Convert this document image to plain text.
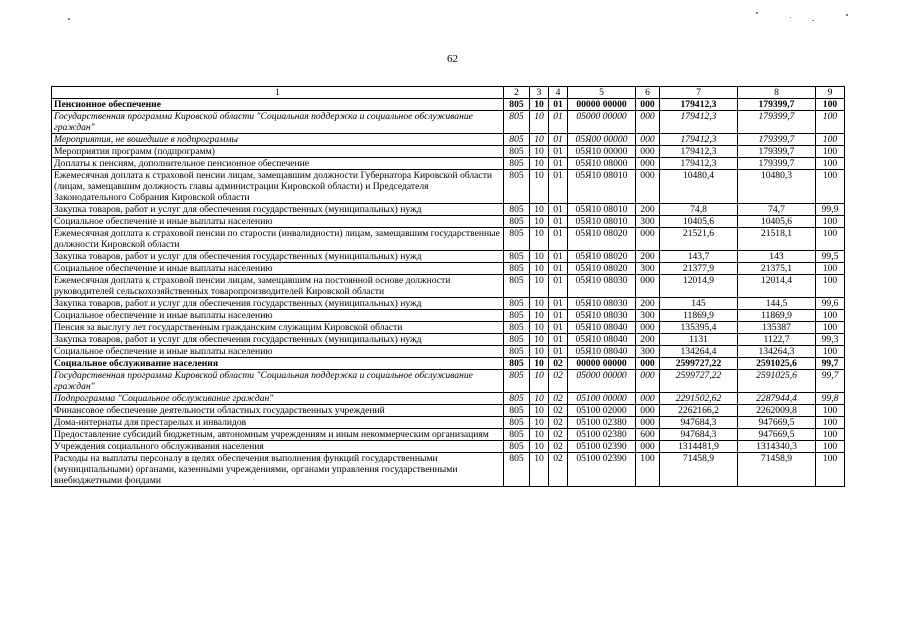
62
1	2	3	4	5	6	7	8	9
Пенсионное обеспечение	805	10	01	00000 00000	000	179412,3	179399,7	100
Государственная программа Кировской области "Социальная поддержка и социальное обслуживание граждан"	805	10	01	05000 00000	000	179412,3	179399,7	100
Мероприятия, не вошедшие в подпрограммы	805	10	01	05Я00 00000	000	179412,3	179399,7	100
Мероприятия программ (подпрограмм)	805	10	01	05Я10 00000	000	179412,3	179399,7	100
Доплаты к пенсиям, дополнительное пенсионное обеспечение	805	10	01	05Я10 08000	000	179412,3	179399,7	100
Ежемесячная доплата к страховой пенсии лицам, замещавшим должности Губернатора Кировской области (лицам, замещавшим должность главы администрации Кировской области) и Председателя Законодательного Собрания Кировской области	805	10	01	05Я10 08010	000	10480,4	10480,3	100
Закупка товаров, работ и услуг для обеспечения государственных (муниципальных) нужд	805	10	01	05Я10 08010	200	74,8	74,7	99,9
Социальное обеспечение и иные выплаты населению	805	10	01	05Я10 08010	300	10405,6	10405,6	100
Ежемесячная доплата к страховой пенсии по старости (инвалидности) лицам, замещавшим государственные должности Кировской области	805	10	01	05Я10 08020	000	21521,6	21518,1	100
Закупка товаров, работ и услуг для обеспечения государственных (муниципальных) нужд	805	10	01	05Я10 08020	200	143,7	143	99,5
Социальное обеспечение и иные выплаты населению	805	10	01	05Я10 08020	300	21377,9	21375,1	100
Ежемесячная доплата к страховой пенсии лицам, замещавшим на постоянной основе должности руководителей сельскохозяйственных товаропроизводителей Кировской области	805	10	01	05Я10 08030	000	12014,9	12014,4	100
Закупка товаров, работ и услуг для обеспечения государственных (муниципальных) нужд	805	10	01	05Я10 08030	200	145	144,5	99,6
Социальное обеспечение и иные выплаты населению	805	10	01	05Я10 08030	300	11869,9	11869,9	100
Пенсия за выслугу лет государственным гражданским служащим Кировской области	805	10	01	05Я10 08040	000	135395,4	135387	100
Закупка товаров, работ и услуг для обеспечения государственных (муниципальных) нужд	805	10	01	05Я10 08040	200	1131	1122,7	99,3
Социальное обеспечение и иные выплаты населению	805	10	01	05Я10 08040	300	134264,4	134264,3	100
Социальное обслуживание населения	805	10	02	00000 00000	000	2599727,22	2591025,6	99,7
Государственная программа Кировской области "Социальная поддержка и социальное обслуживание граждан"	805	10	02	05000 00000	000	2599727,22	2591025,6	99,7
Подпрограмма "Социальное обслуживание граждан"	805	10	02	05100 00000	000	2291502,62	2287944,4	99,8
Финансовое обеспечение деятельности областных государственных учреждений	805	10	02	05100 02000	000	2262166,2	2262009,8	100
Дома-интернаты для престарелых и инвалидов	805	10	02	05100 02380	000	947684,3	947669,5	100
Предоставление субсидий бюджетным, автономным учреждениям и иным некоммерческим организациям	805	10	02	05100 02380	600	947684,3	947669,5	100
Учреждения социального обслуживания населения	805	10	02	05100 02390	000	1314481,9	1314340,3	100
Расходы на выплаты персоналу в целях обеспечения выполнения функций государственными (муниципальными) органами, казенными учреждениями, органами управления государственными внебюджетными фондами	805	10	02	05100 02390	100	71458,9	71458,9	100
